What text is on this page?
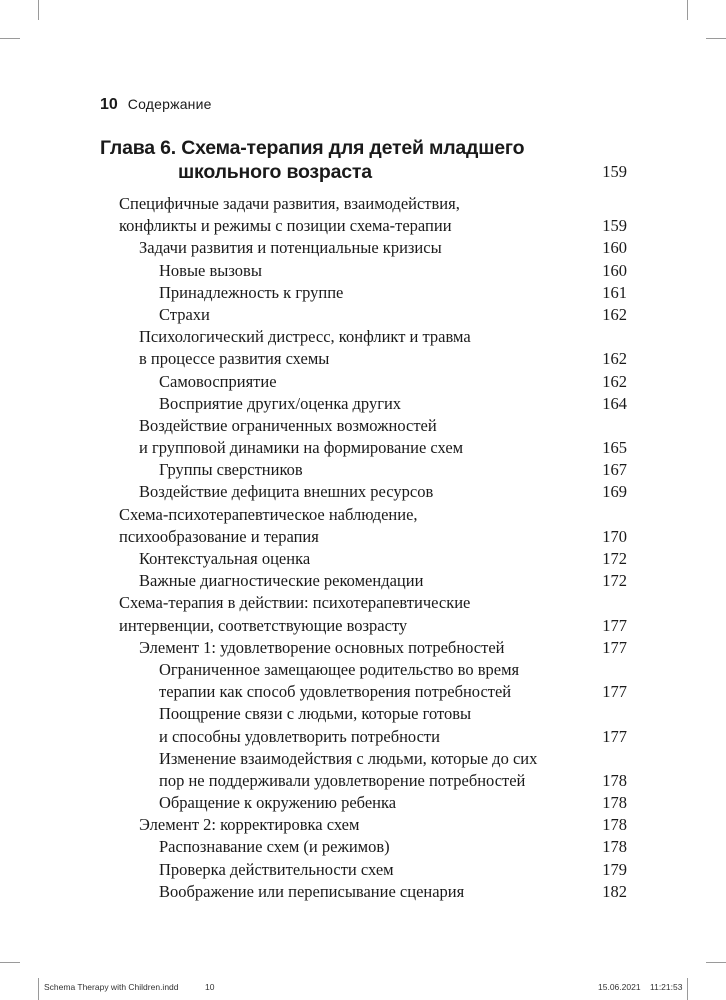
10 Содержание
Глава 6. Схема-терапия для детей младшего
школьного возраста	159
Специфичные задачи развития, взаимодействия,
конфликты и режимы с позиции схема-терапии	159
Задачи развития и потенциальные кризисы	160
Новые вызовы	160
Принадлежность к группе	161
Страхи	162
Психологический дистресс, конфликт и травма
в процессе развития схемы	162
Самовосприятие	162
Восприятие других/оценка других	164
Воздействие ограниченных возможностей
и групповой динамики на формирование схем	165
Группы сверстников	167
Воздействие дефицита внешних ресурсов	169
Схема-психотерапевтическое наблюдение,
психообразование и терапия	170
Контекстуальная оценка	172
Важные диагностические рекомендации	172
Схема-терапия в действии: психотерапевтические
интервенции, соответствующие возрасту	177
Элемент 1: удовлетворение основных потребностей	177
Ограниченное замещающее родительство во время
терапии как способ удовлетворения потребностей	177
Поощрение связи с людьми, которые готовы
и способны удовлетворить потребности	177
Изменение взаимодействия с людьми, которые до сих
пор не поддерживали удовлетворение потребностей	178
Обращение к окружению ребенка	178
Элемент 2: корректировка схем	178
Распознавание схем (и режимов)	178
Проверка действительности схем	179
Воображение или переписывание сценария	182
Schema Therapy with Children.indd	10	15.06.2021 11:21:53
